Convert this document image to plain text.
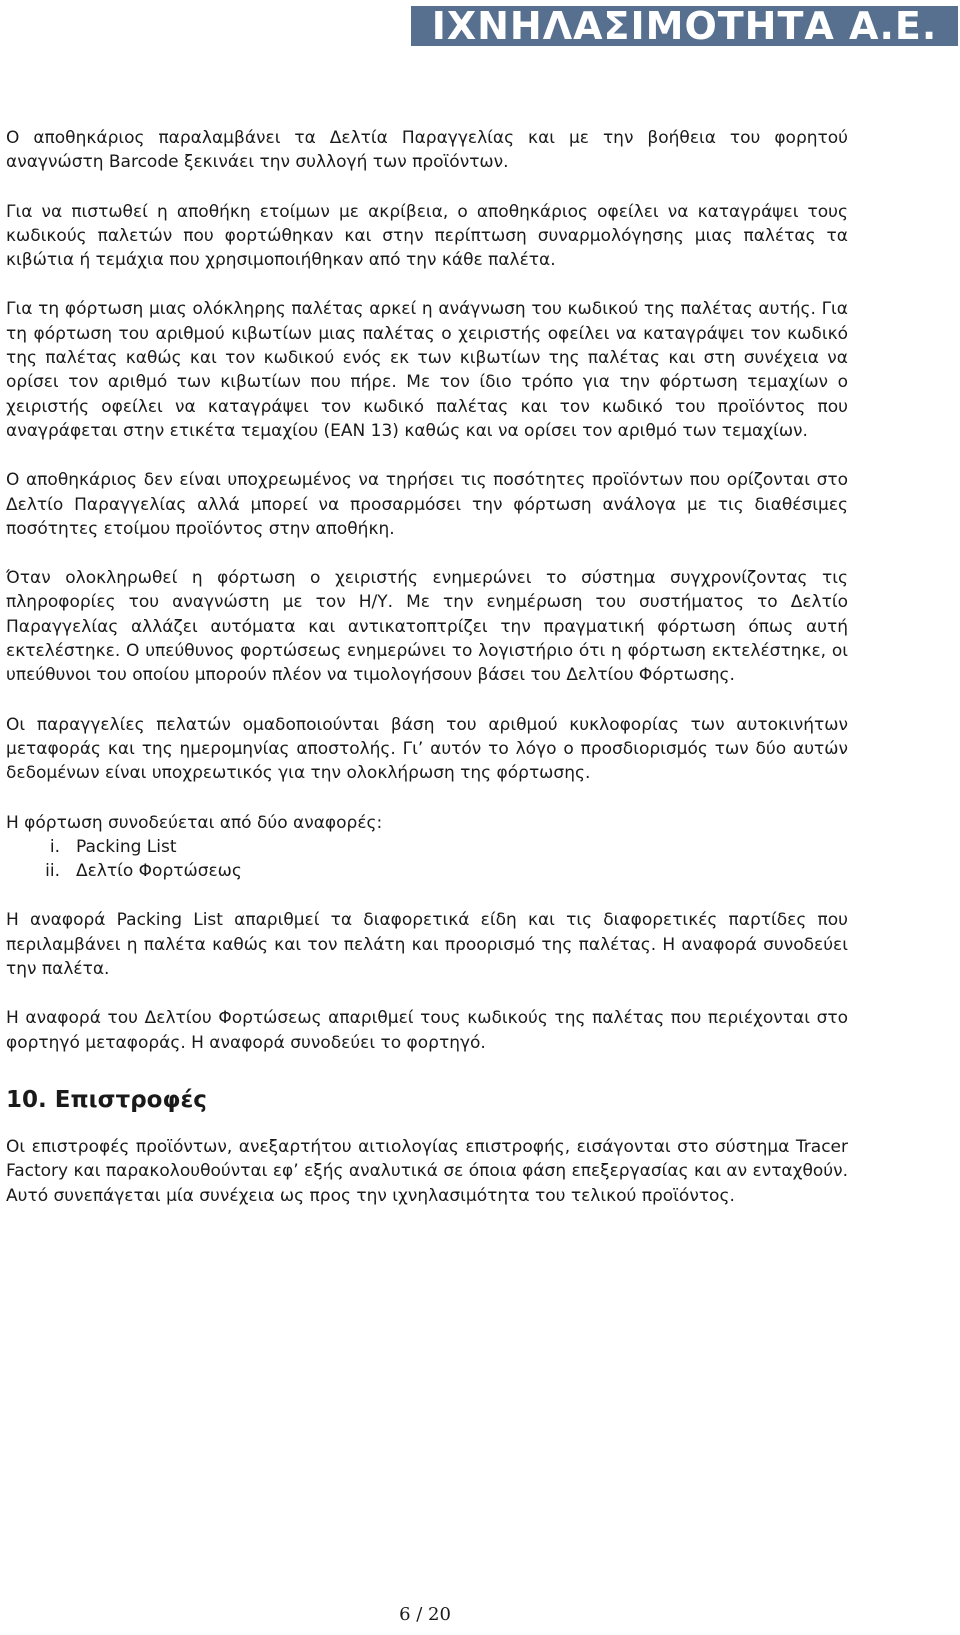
ΙΧΝΗΛΑΣΙΜΟΤΗΤΑ Α.Ε.

Ο αποθηκάριος παραλαμβάνει τα Δελτία Παραγγελίας και με την βοήθεια του φορητού αναγνώστη Barcode ξεκινάει την συλλογή των προϊόντων.

Για να πιστωθεί η αποθήκη ετοίμων με ακρίβεια, ο αποθηκάριος οφείλει να καταγράψει τους κωδικούς παλετών που φορτώθηκαν και στην περίπτωση συναρμολόγησης μιας παλέτας τα κιβώτια ή τεμάχια που χρησιμοποιήθηκαν από την κάθε παλέτα.

Για τη φόρτωση μιας ολόκληρης παλέτας αρκεί η ανάγνωση του κωδικού της παλέτας αυτής. Για τη φόρτωση του αριθμού κιβωτίων μιας παλέτας ο χειριστής οφείλει να καταγράψει τον κωδικό της παλέτας καθώς και τον κωδικού ενός εκ των κιβωτίων της παλέτας και στη συνέχεια να ορίσει τον αριθμό των κιβωτίων που πήρε. Με τον ίδιο τρόπο για την φόρτωση τεμαχίων ο χειριστής οφείλει να καταγράψει τον κωδικό παλέτας και τον κωδικό του προϊόντος που αναγράφεται στην ετικέτα τεμαχίου (EAN 13) καθώς και να ορίσει τον αριθμό των τεμαχίων.

Ο αποθηκάριος δεν είναι υποχρεωμένος να τηρήσει τις ποσότητες προϊόντων που ορίζονται στο Δελτίο Παραγγελίας αλλά μπορεί να προσαρμόσει την φόρτωση ανάλογα με τις διαθέσιμες ποσότητες ετοίμου προϊόντος στην αποθήκη.

Όταν ολοκληρωθεί η φόρτωση ο χειριστής ενημερώνει το σύστημα συγχρονίζοντας τις πληροφορίες του αναγνώστη με τον Η/Υ. Με την ενημέρωση του συστήματος το Δελτίο Παραγγελίας αλλάζει αυτόματα και αντικατοπτρίζει την πραγματική φόρτωση όπως αυτή εκτελέστηκε. Ο υπεύθυνος φορτώσεως ενημερώνει το λογιστήριο ότι η φόρτωση εκτελέστηκε, οι υπεύθυνοι του οποίου μπορούν πλέον να τιμολογήσουν βάσει του Δελτίου Φόρτωσης.

Οι παραγγελίες πελατών ομαδοποιούνται βάση του αριθμού κυκλοφορίας των αυτοκινήτων μεταφοράς και της ημερομηνίας αποστολής. Γι’ αυτόν το λόγο ο προσδιορισμός των δύο αυτών δεδομένων είναι υποχρεωτικός για την ολοκλήρωση της φόρτωσης.

Η φόρτωση συνοδεύεται από δύο αναφορές:

i. Packing List
ii. Δελτίο Φορτώσεως

Η αναφορά Packing List απαριθμεί τα διαφορετικά είδη και τις διαφορετικές παρτίδες που περιλαμβάνει η παλέτα καθώς και τον πελάτη και προορισμό της παλέτας. Η αναφορά συνοδεύει την παλέτα.

Η αναφορά του Δελτίου Φορτώσεως απαριθμεί τους κωδικούς της παλέτας που περιέχονται στο φορτηγό μεταφοράς. Η αναφορά συνοδεύει το φορτηγό.

10. Επιστροφές

Οι επιστροφές προϊόντων, ανεξαρτήτου αιτιολογίας επιστροφής, εισάγονται στο σύστημα Tracer Factory και παρακολουθούνται εφ’ εξής αναλυτικά σε όποια φάση επεξεργασίας και αν ενταχθούν. Αυτό συνεπάγεται μία συνέχεια ως προς την ιχνηλασιμότητα του τελικού προϊόντος.

6 / 20
